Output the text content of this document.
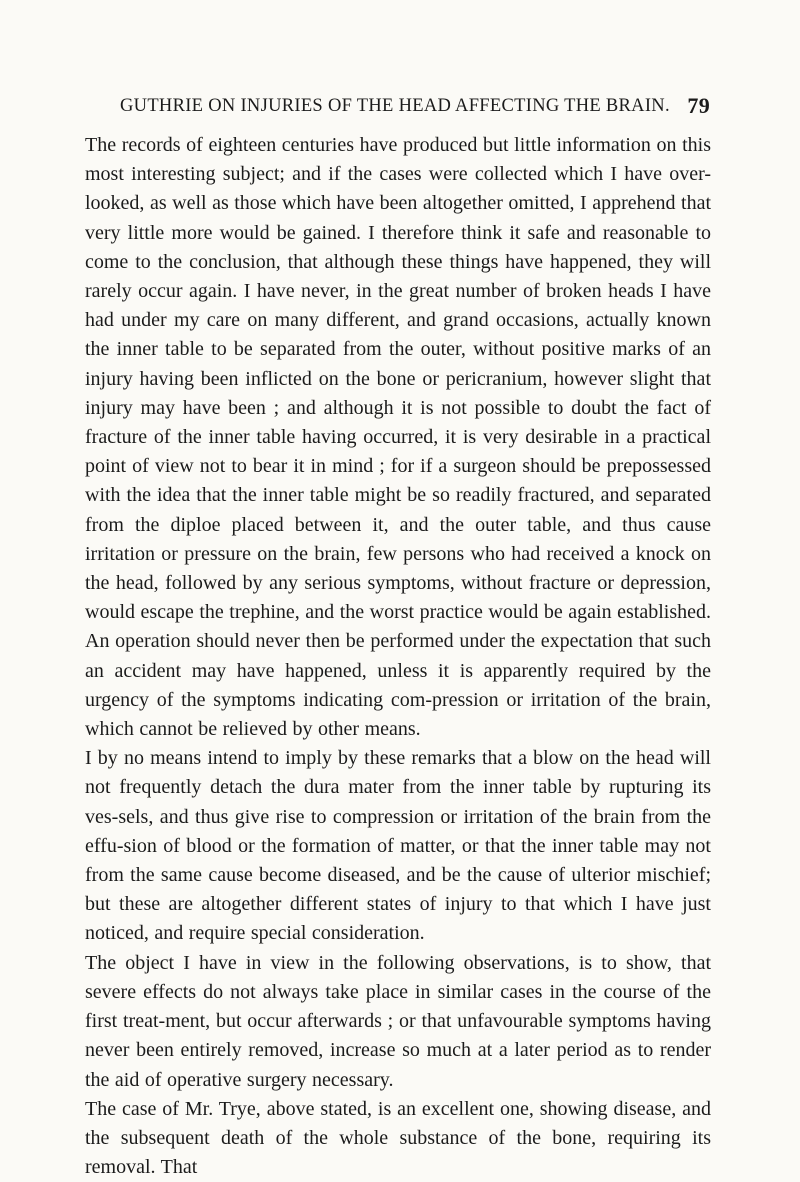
GUTHRIE ON INJURIES OF THE HEAD AFFECTING THE BRAIN. 79

The records of eighteen centuries have produced but little information on this most interesting subject; and if the cases were collected which I have over-looked, as well as those which have been altogether omitted, I apprehend that very little more would be gained. I therefore think it safe and reasonable to come to the conclusion, that although these things have happened, they will rarely occur again. I have never, in the great number of broken heads I have had under my care on many different, and grand occasions, actually known the inner table to be separated from the outer, without positive marks of an injury having been inflicted on the bone or pericranium, however slight that injury may have been ; and although it is not possible to doubt the fact of fracture of the inner table having occurred, it is very desirable in a practical point of view not to bear it in mind ; for if a surgeon should be prepossessed with the idea that the inner table might be so readily fractured, and separated from the diploe placed between it, and the outer table, and thus cause irritation or pressure on the brain, few persons who had received a knock on the head, followed by any serious symptoms, without fracture or depression, would escape the trephine, and the worst practice would be again established. An operation should never then be performed under the expectation that such an accident may have happened, unless it is apparently required by the urgency of the symptoms indicating com-pression or irritation of the brain, which cannot be relieved by other means.

I by no means intend to imply by these remarks that a blow on the head will not frequently detach the dura mater from the inner table by rupturing its ves-sels, and thus give rise to compression or irritation of the brain from the effu-sion of blood or the formation of matter, or that the inner table may not from the same cause become diseased, and be the cause of ulterior mischief; but these are altogether different states of injury to that which I have just noticed, and require special consideration.

The object I have in view in the following observations, is to show, that severe effects do not always take place in similar cases in the course of the first treat-ment, but occur afterwards ; or that unfavourable symptoms having never been entirely removed, increase so much at a later period as to render the aid of operative surgery necessary.

The case of Mr. Trye, above stated, is an excellent one, showing disease, and the subsequent death of the whole substance of the bone, requiring its removal. That
